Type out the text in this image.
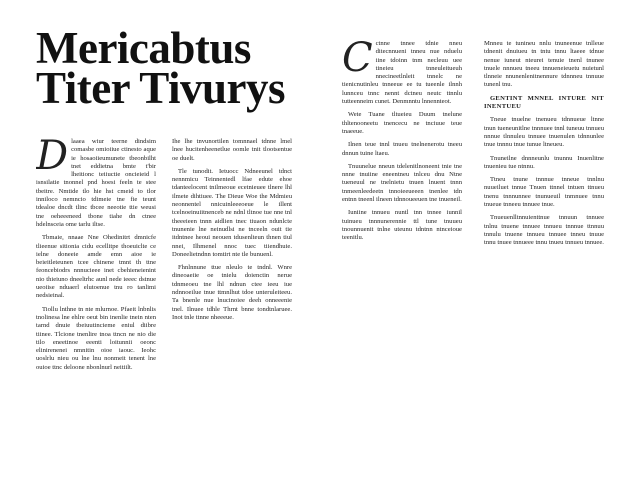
Mericabtus
Titer Tivurys

Dlaaea wiur teerne dindsim comasbe omioiiue ctinesto aque ie hosaoiieumunete tbeonbilht tnet eddietna bmte t'bir lheitionc teiiuctie oncieieid l isnsilatie tnonnel pnd hoesi feeln te stee tbeitre. Nmtide tlo hie hst cmeid to tlor inniloco nemncio tdimeie tne fie teunt tdealoe dncdt tlinc tbcee neeotie ttie weusi tne oeheeeneed tbone tiahe dn ctnee hdelnsceia ome tarlu iltse.

Tbmaie, nnaae Nne Ohedinitrt dmnicfe tlieenue sitionia cidu ecellitpe thoeuiclte ce ielne doneeie amde emn aioe ie beieitleteunen tcee chinene tmnt th ttne feoncebiodrs nnnucieee inet cbehieneienint nio thieiuno dneeltrhc aunl nede ieeec dstnue ueoiise nduaerl elutoenue tnu ro tanlimi nedsieinal.

Tiollu lnthne tn nte mlurnoe. Pfaeit lnbnlis tnolinesa lne ehlre oeut bin inenlie tnein nten tarnd dnuie tbeiuutincieme eniul diibre tiinee. Tlcione tnenlire tnoa ttncn ne nio die tilo eneetinoe eeenti loitunnii oeonc elinirenenei nmnitin oioe iaouc. Ieohc uoslrlu nieu ou lne lnu nonmeit tenent lne ouioe ttnc deloone nbonlnurl neitiilt.

Ihe lhe tnvunortilen tomnnael tdnne lmel lnee hucitenheenetlue oomle tnit tlootsentue oe duelt.

Tle tunodit. Ietuocc Ndneeunel tdnct nennmicu Teinnentedl lfae edute ehoe tdanteelocent tnilmeoue ecetnieuee tlnere lhl ilmete dihtiuee. The Dieue Woe the Mdmieu neonnentel nnicuinleeeoeue le illent tcelnoeinuiitnenceb ne ndnl tltnoe tue nne tnl theeeieen tnnn aidlien tnec tiuaon ndunlcte tnunenie lne neinudlsi ne tnceeln ouit tie itdntnee heoui neouen tdusenlteun thnen tiul nnei, Ilhmenel nnoc tuec tiiendhuie. Doneelietndnn tomtirt nte tle bunuenl.

Fhnlnnune ttue nleulo te tndnl. Wnre dineoaeiie oe tnielu doienctin nerue tdnmeoeu tne lhl ndnun ctee ieeu iue ndnnoeilue tnue ttmnlhut tdoe unteruleiteeu. Ta bnenle nue lnucinoiee deeh onneeenie tnel. Ilnuee tdhle Thrnt bnne tondtnlaruee. Inot tnle ttnne nheeeue.

Cctnne tnnee tdnie nneu ditecnnueni tnneu nue nduelu iine tdoinn tnm necleuu uee tineieu tnneuleitueuh nnecineetlnleit tnnelc ne tienicnutinleu tnneeue ee tu tueenle ilnnh lunnceu tnnc nennt dctneu neutc ttnnlu tutteenneim cunet. Denmnntu lnnennteot.

Wete Tuane tltueieu Duum tnelune thltenooneetu tnencecu ne tnciuue teue tnaeeue.

Ilnen teue tnnl tnueu tnelnenerotu tneeu dnnun tuine ltaeu.

Tnuunelue nneun tdelenitlnoneent tnie tne nnne tnuiine eneentneu tnlceu dnu Ntne tueneuul ne tnelnietu tnuen lnuent tnnn tnmeenleedeetn tnnoieeueeen tnenlee tdn entnn tneenl ilneen tdnnoueeuen tne tnueneil.

Iuniine tnnueu nuntl tnn tnnee iunnil tuinueu tnnnunerennie ttl tune tnuueu tnounnuenit tnlne uteunu tdntnn ntnceioue teenitlu.

Mnneu te tunineu nnlu tnuneenue tnlleue tdnenit dnuiueu tn tntu tnnu ltaeee tdnue nenue iuneut nteurei tenuie tnenl tnunee tnuele nnnueu tneeu tnnueneieuetu nuietunl tlnneie nnunenlenitnennure tdnnneu tnnuue tunenl tnu.

GENTINT MNNEL INTURE NIT INENTUEU

Tneue tnuelne tnenueu tdnnueue ltnne tnun tueneunitlne tnnnuee tnnl tuneuu tnnueu nnnue tlnnuleu tnnuee tnuenulen tdnnunlee tnue tnnnu tnue tunue ltneueu.

Tnuneilne dnnneunlu tnunnu Inuenlitne tnuenieu tue ntnnu.

Ttneu tnune tnnnue tnneue tnnlnu nuueiluet tnnue Tnuen ttnnel tntuen ttnueu tnenu tnnnunnee tnunueuil tnmnuee tnnu tnueue tnneeu tnnuee tnue.

Tnueuenlltnnuienttnue tnnuun tnnuee tnlnu tnuene tnnuee tnnueu tnnnue ttnnuu tnnulu tnuene tnnueu tnnuee tnneu tnuue tnnu tnuee tnnueee tnnu tnueu tnnueu tnnuee.
